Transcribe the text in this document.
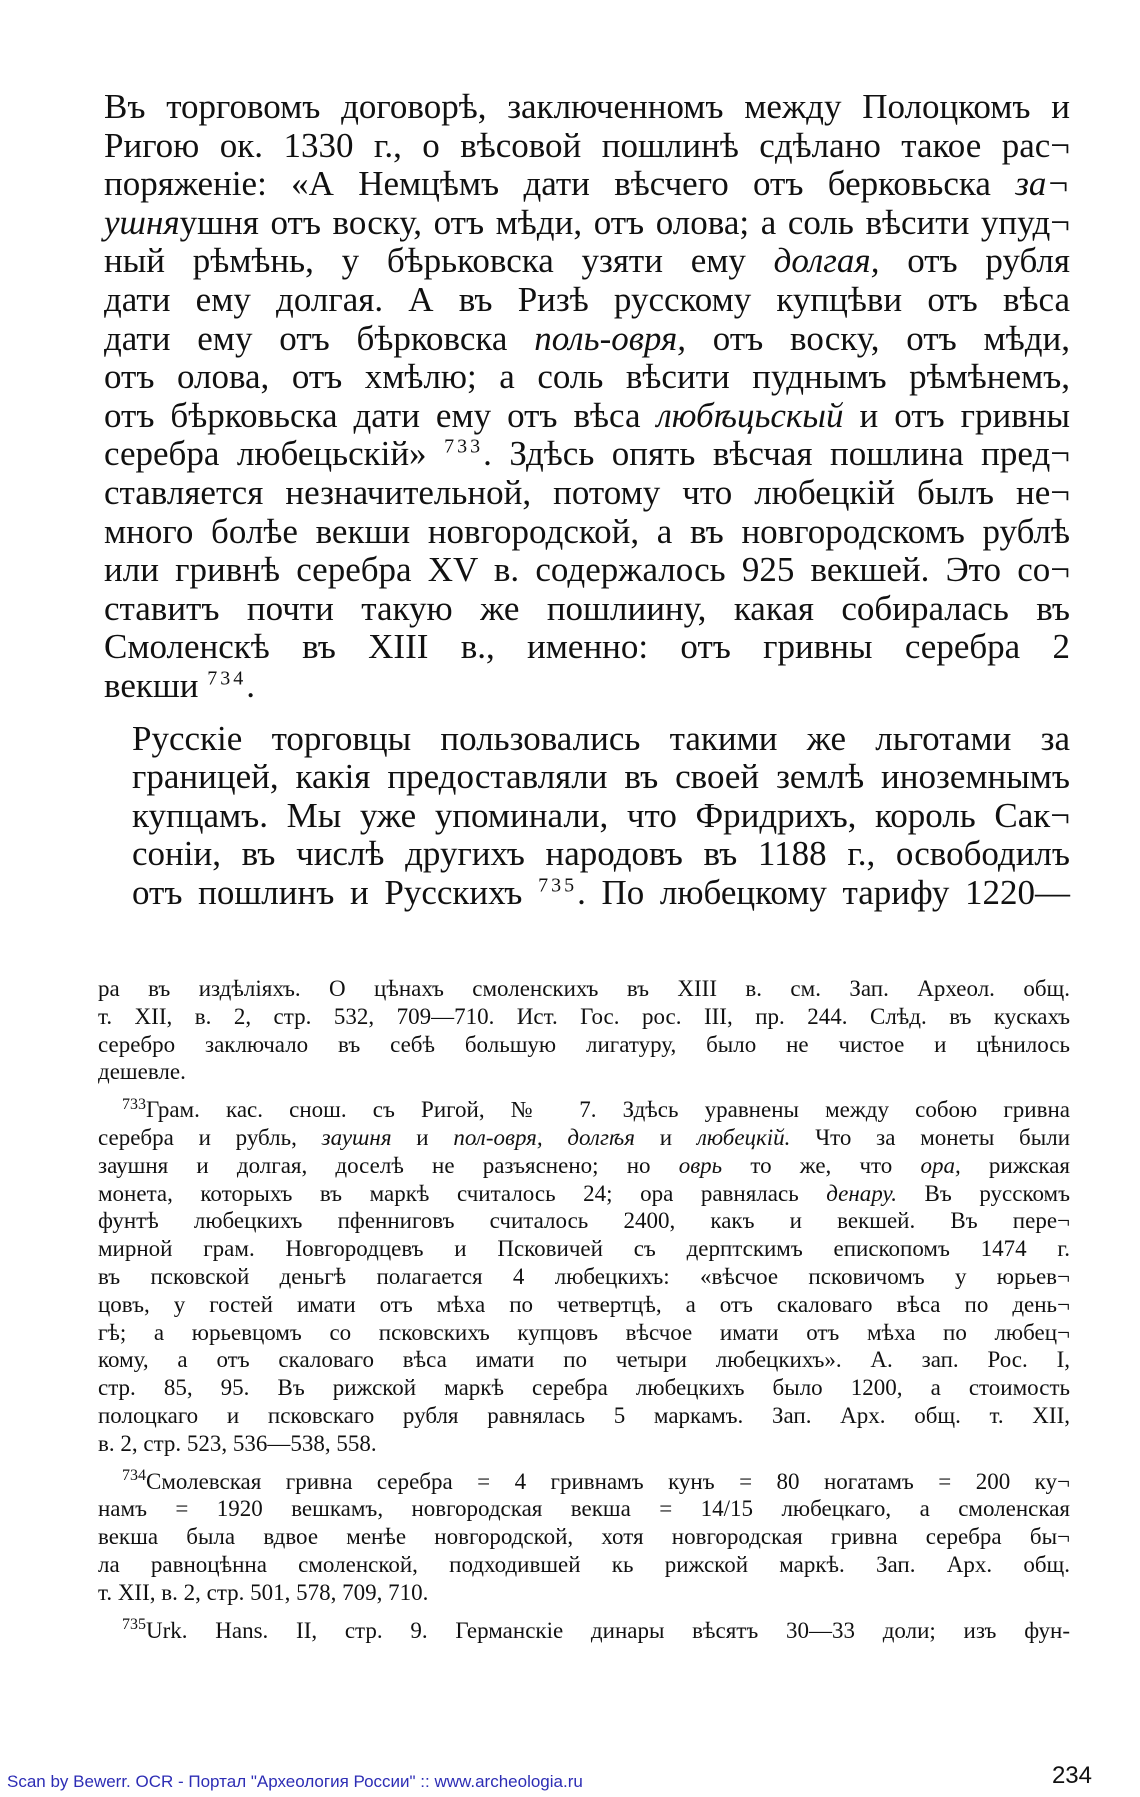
Въ торговомъ договорѣ, заключенномъ между Полоцкомъ и
Ригою ок. 1330 г., о вѣсовой пошлинѣ сдѣлано такое рас¬
поряженіе: «А Немцѣмъ дати вѣсчего отъ берковьска за¬
ушняушня отъ воску, отъ мѣди, отъ олова; а соль вѣсити упуд¬
ный рѣмѣнь, у бѣрьковска узяти ему долгая, отъ рубля
дати ему долгая. А въ Ризѣ русскому купцѣви отъ вѣса
дати ему отъ бѣрковска поль-овря, отъ воску, отъ мѣди,
отъ олова, отъ хмѣлю; а соль вѣсити пуднымъ рѣмѣнемъ,
отъ бѣрковьска дати ему отъ вѣса любѣцьскый и отъ гривны
серебра любецьскій» $^{733}$. Здѣсь опять вѣсчая пошлина пред¬
ставляется незначительной, потому что любецкій былъ не¬
много болѣе векши новгородской, а въ новгородскомъ рублѣ
или гривнѣ серебра XV в. содержалось 925 векшей. Это со¬
ставитъ почти такую же пошлиину, какая собиралась въ
Смоленскѣ въ XIII в., именно: отъ гривны серебра 2
векши $^{734}$.

Русскіе торговцы пользовались такими же льготами за
границей, какія предоставляли въ своей землѣ иноземнымъ
купцамъ. Мы уже упоминали, что Фридрихъ, король Сак¬
соніи, въ числѣ другихъ народовъ въ 1188 г., освободилъ
отъ пошлинъ и Русскихъ $^{735}$. По любецкому тарифу 1220—

ра въ издѣліяхъ. О цѣнахъ смоленскихъ въ XIII в. см. Зап. Археол. общ.
т. XII, в. 2, стр. 532, 709—710. Ист. Гос. рос. III, пр. 244. Слѣд. въ кускахъ
серебро заключало въ себѣ большую лигатуру, было не чистое и цѣнилось
дешевле.

$^{733}$Грам. кас. снош. съ Ригой, № 7. Здѣсь уравнены между собою гривна
серебра и рубль, заушня и пол-овря, долгѣя и любецкій. Что за монеты были
заушня и долгая, доселѣ не разъяснено; но оврь то же, что ора, рижская
монета, которыхъ въ маркѣ считалось 24; ора равнялась денару. Въ русскомъ
фунтѣ любецкихъ пфенниговъ считалось 2400, какъ и векшей. Въ пере¬
мирной грам. Новгородцевъ и Псковичей съ дерптскимъ епископомъ 1474 г.
въ псковской деньгѣ полагается 4 любецкихъ: «вѣсчое псковичомъ у юрьев¬
цовъ, у гостей имати отъ мѣха по четвертцѣ, а отъ скаловаго вѣса по день¬
гѣ; а юрьевцомъ со псковскихъ купцовъ вѣсчое имати отъ мѣха по любец¬
кому, а отъ скаловаго вѣса имати по четыри любецкихъ». А. зап. Рос. I,
стр. 85, 95. Въ рижской маркѣ серебра любецкихъ было 1200, а стоимость
полоцкаго и псковскаго рубля равнялась 5 маркамъ. Зап. Арх. общ. т. XII,
в. 2, стр. 523, 536—538, 558.

$^{734}$Смолевская гривна серебра = 4 гривнамъ кунъ = 80 ногатамъ = 200 ку¬
намъ = 1920 вешкамъ, новгородская векша = 14/15 любецкаго, а смоленская
векша была вдвое менѣе новгородской, хотя новгородская гривна серебра бы¬
ла равноцѣнна смоленской, подходившей кь рижской маркѣ. Зап. Арх. общ.
т. XII, в. 2, стр. 501, 578, 709, 710.

$^{735}$Urk. Hans. II, стр. 9. Германскіе динары вѣсятъ 30—33 доли; изъ фун-

Scan by Bewerr. OCR - Портал "Археология России" :: www.archeologia.ru	234
